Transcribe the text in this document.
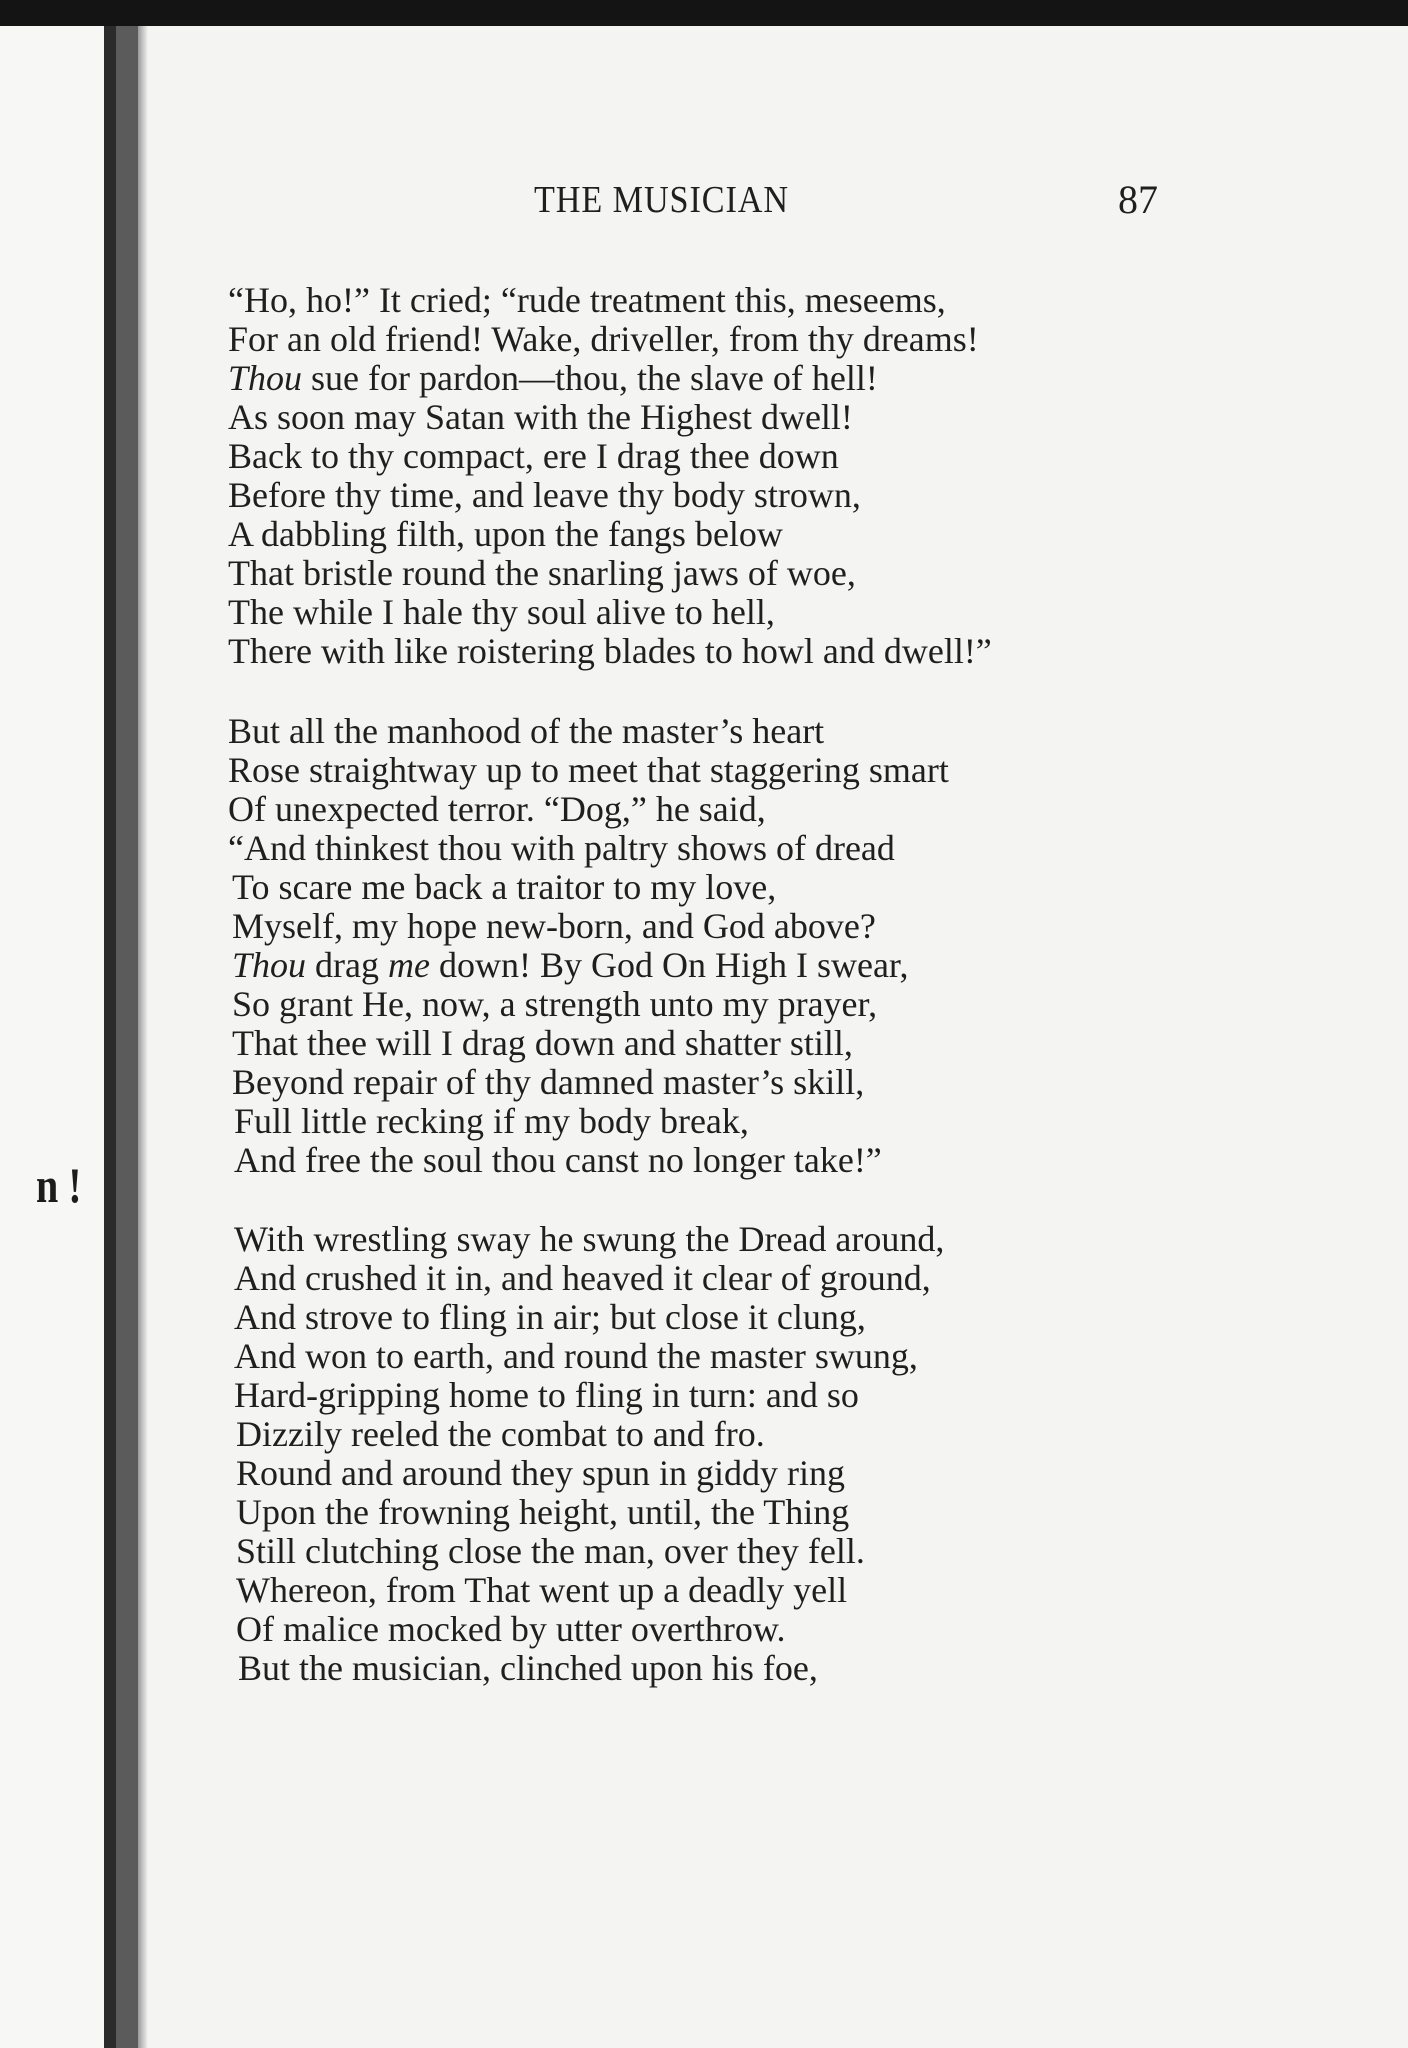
n !
THE MUSICIAN	87
“Ho, ho!” It cried; “rude treatment this, meseems,
For an old friend! Wake, driveller, from thy dreams!
Thou sue for pardon—thou, the slave of hell!
As soon may Satan with the Highest dwell!
Back to thy compact, ere I drag thee down
Before thy time, and leave thy body strown,
A dabbling filth, upon the fangs below
That bristle round the snarling jaws of woe,
The while I hale thy soul alive to hell,
There with like roistering blades to howl and dwell!”
But all the manhood of the master’s heart
Rose straightway up to meet that staggering smart
Of unexpected terror. “Dog,” he said,
“And thinkest thou with paltry shows of dread
To scare me back a traitor to my love,
Myself, my hope new-born, and God above?
Thou drag me down! By God On High I swear,
So grant He, now, a strength unto my prayer,
That thee will I drag down and shatter still,
Beyond repair of thy damned master’s skill,
Full little recking if my body break,
And free the soul thou canst no longer take!”
With wrestling sway he swung the Dread around,
And crushed it in, and heaved it clear of ground,
And strove to fling in air; but close it clung,
And won to earth, and round the master swung,
Hard-gripping home to fling in turn: and so
Dizzily reeled the combat to and fro.
Round and around they spun in giddy ring
Upon the frowning height, until, the Thing
Still clutching close the man, over they fell.
Whereon, from That went up a deadly yell
Of malice mocked by utter overthrow.
But the musician, clinched upon his foe,
